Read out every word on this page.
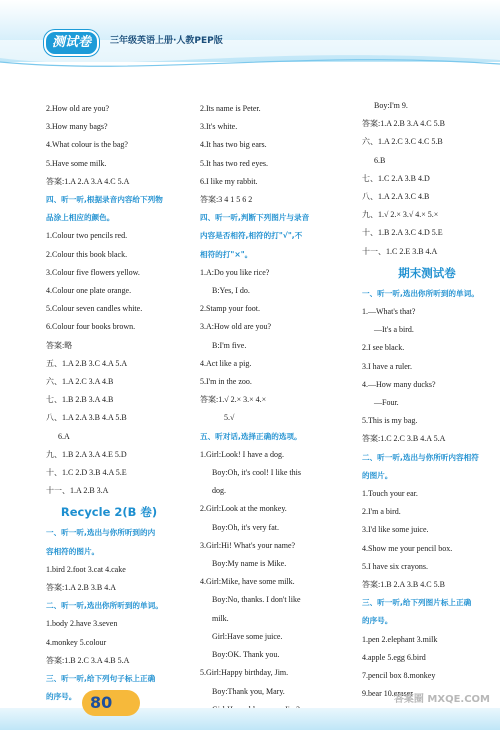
测试卷	三年级英语上册·人教PEP版
2.How old are you?
3.How many bags?
4.What colour is the bag?
5.Have some milk.
答案:1.A 2.A 3.A 4.C 5.A
四、听一听,根据录音内容给下列物
品涂上相应的颜色。
1.Colour two pencils red.
2.Colour this book black.
3.Colour five flowers yellow.
4.Colour one plate orange.
5.Colour seven candles white.
6.Colour four books brown.
答案:略
五、1.A 2.B 3.C 4.A 5.A
六、1.A 2.C 3.A 4.B
七、1.B 2.B 3.A 4.B
八、1.A 2.A 3.B 4.A 5.B
6.A
九、1.B 2.A 3.A 4.E 5.D
十、1.C 2.D 3.B 4.A 5.E
十一、1.A 2.B 3.A
Recycle 2(B 卷)
一、听一听,选出与你所听到的内
容相符的图片。
1.bird 2.foot 3.cat 4.cake
答案:1.A 2.B 3.B 4.A
二、听一听,选出你所听到的单词。
1.body 2.have 3.seven
4.monkey 5.colour
答案:1.B 2.C 3.A 4.B 5.A
三、听一听,给下列句子标上正确
的序号。
2.Its name is Peter.
3.It's white.
4.It has two big ears.
5.It has two red eyes.
6.I like my rabbit.
答案:3 4 1 5 6 2
四、听一听,判断下列图片与录音
内容是否相符,相符的打"√",不
相符的打"×"。
1.A:Do you like rice?
B:Yes, I do.
2.Stamp your foot.
3.A:How old are you?
B:I'm five.
4.Act like a pig.
5.I'm in the zoo.
答案:1.√ 2.× 3.× 4.×
5.√
五、听对话,选择正确的选项。
1.Girl:Look! I have a dog.
Boy:Oh, it's cool! I like this
dog.
2.Girl:Look at the monkey.
Boy:Oh, it's very fat.
3.Girl:Hi! What's your name?
Boy:My name is Mike.
4.Girl:Mike, have some milk.
Boy:No, thanks. I don't like
milk.
Girl:Have some juice.
Boy:OK. Thank you.
5.Girl:Happy birthday, Jim.
Boy:Thank you, Mary.
Boy:I'm 9.
答案:1.A 2.B 3.A 4.C 5.B
六、1.A 2.C 3.C 4.C 5.B
6.B
七、1.C 2.A 3.B 4.D
八、1.A 2.A 3.C 4.B
九、1.√ 2.× 3.√ 4.× 5.×
十、1.B 2.A 3.C 4.D 5.E
十一、1.C 2.E 3.B 4.A
期末测试卷
一、听一听,选出你所听到的单词。
1.—What's that?
—It's a bird.
2.I see black.
3.I have a ruler.
4.—How many ducks?
—Four.
5.This is my bag.
答案:1.C 2.C 3.B 4.A 5.A
二、听一听,选出与你所听内容相符
的图片。
1.Touch your ear.
2.I'm a bird.
3.I'd like some juice.
4.Show me your pencil box.
5.I have six crayons.
答案:1.B 2.A 3.B 4.C 5.B
三、听一听,给下列图片标上正确
的序号。
1.pen 2.elephant 3.milk
4.apple 5.egg 6.bird
7.pencil box 8.monkey
9.bear 10.eraser
80	答案圈 MXQE.COM
